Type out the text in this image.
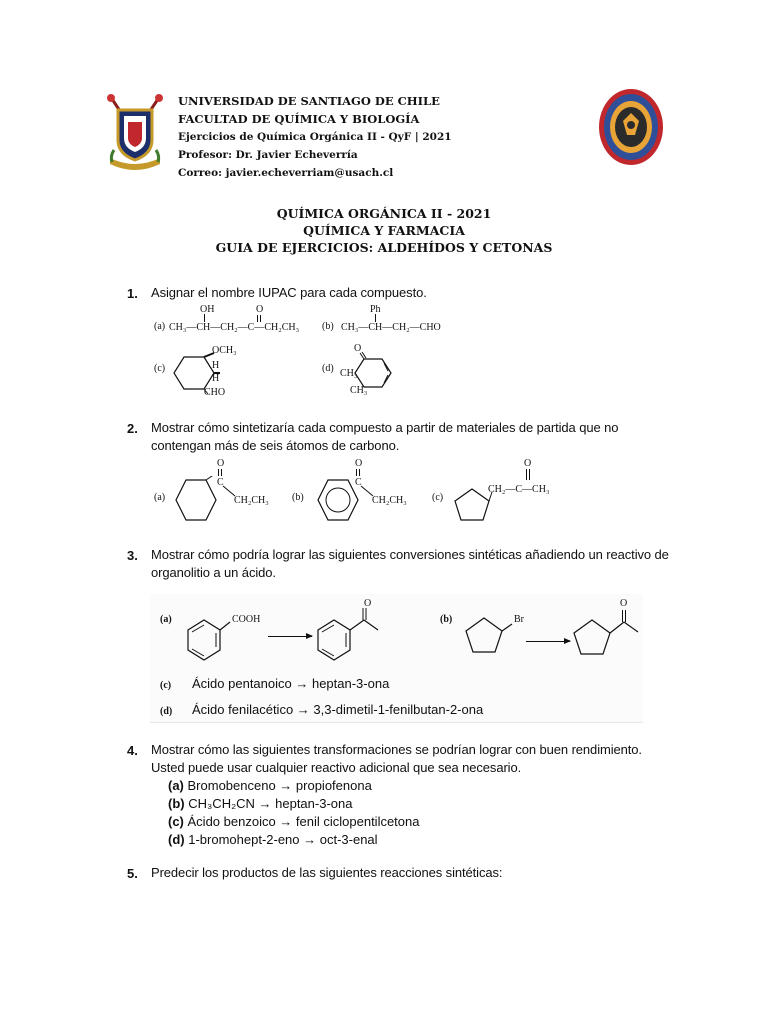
UNIVERSIDAD DE SANTIAGO DE CHILE
FACULTAD DE QUÍMICA Y BIOLOGÍA
Ejercicios de Química Orgánica II - QyF | 2021
Profesor: Dr. Javier Echeverría
Correo: javier.echeverriam@usach.cl
QUÍMICA ORGÁNICA II - 2021
QUÍMICA Y FARMACIA
GUIA DE EJERCICIOS: ALDEHÍDOS Y CETONAS
1. Asignar el nombre IUPAC para cada compuesto.
(a)
OH	O
CH₃—CH—CH₂—C—CH₂CH₃ (b)
Ph
CH₃—CH—CH₂—CHO
(c)
OCH₃
H
H
CHO
(d)
O
CH₃
CH₃
2. Mostrar cómo sintetizaría cada compuesto a partir de materiales de partida que no contengan más de seis átomos de carbono.
(a)
O
C
CH₂CH₃ (b)
O
C
CH₂CH₃	(c)
O
CH₂—C—CH₃
3. Mostrar cómo podría lograr las siguientes conversiones sintéticas añadiendo un reactivo de organolitio a un ácido.
(a)	COOH
O
(b)	Br
O
(c) Ácido pentanoico → heptan-3-ona
(d) Ácido fenilacético → 3,3-dimetil-1-fenilbutan-2-ona
4. Mostrar cómo las siguientes transformaciones se podrían lograr con buen rendimiento. Usted puede usar cualquier reactivo adicional que sea necesario.
(a) Bromobenceno → propiofenona
(b) CH₃CH₂CN → heptan-3-ona
(c) Ácido benzoico → fenil ciclopentilcetona
(d) 1-bromohept-2-eno → oct-3-enal
5. Predecir los productos de las siguientes reacciones sintéticas:
